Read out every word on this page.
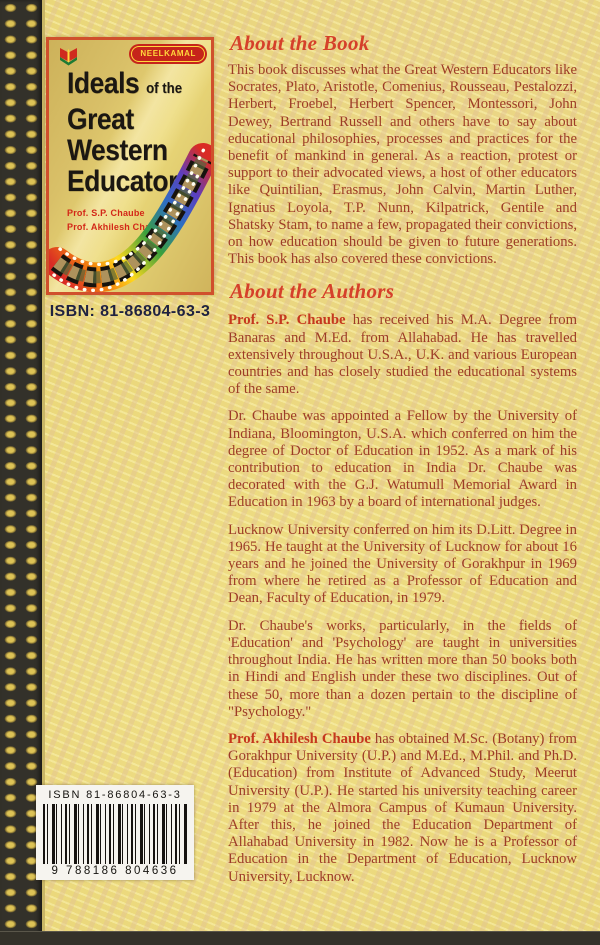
NEELKAMAL
Ideals of the
Great
Western
Educators
Prof. S.P. Chaube
Prof. Akhilesh Chaube
ISBN: 81-86804-63-3
About the Book

This book discusses what the Great Western Educators like Socrates, Plato, Aristotle, Comenius, Rousseau, Pestalozzi, Herbert, Froebel, Herbert Spencer, Montessori, John Dewey, Bertrand Russell and others have to say about educational philosophies, processes and practices for the benefit of mankind in general. As a reaction, protest or support to their advocated views, a host of other educators like Quintilian, Erasmus, John Calvin, Martin Luther, Ignatius Loyola, T.P. Nunn, Kilpatrick, Gentile and Shatsky Stam, to name a few, propagated their convictions, on how education should be given to future generations. This book has also covered these convictions.

About the Authors

Prof. S.P. Chaube has received his M.A. Degree from Banaras and M.Ed. from Allahabad. He has travelled extensively throughout U.S.A., U.K. and various European countries and has closely studied the educational systems of the same.

Dr. Chaube was appointed a Fellow by the University of Indiana, Bloomington, U.S.A. which conferred on him the degree of Doctor of Education in 1952. As a mark of his contribution to education in India Dr. Chaube was decorated with the G.J. Watumull Memorial Award in Education in 1963 by a board of international judges.

Lucknow University conferred on him its D.Litt. Degree in 1965. He taught at the University of Lucknow for about 16 years and he joined the University of Gorakhpur in 1969 from where he retired as a Professor of Education and Dean, Faculty of Education, in 1979.

Dr. Chaube's works, particularly, in the fields of 'Education' and 'Psychology' are taught in universities throughout India. He has written more than 50 books both in Hindi and English under these two disciplines. Out of these 50, more than a dozen pertain to the discipline of "Psychology."

Prof. Akhilesh Chaube has obtained M.Sc. (Botany) from Gorakhpur University (U.P.) and M.Ed., M.Phil. and Ph.D. (Education) from Institute of Advanced Study, Meerut University (U.P.). He started his university teaching career in 1979 at the Almora Campus of Kumaun University. After this, he joined the Education Department of Allahabad University in 1982. Now he is a Professor of Education in the Department of Education, Lucknow University, Lucknow.

ISBN 81-86804-63-3
9 788186 804636
